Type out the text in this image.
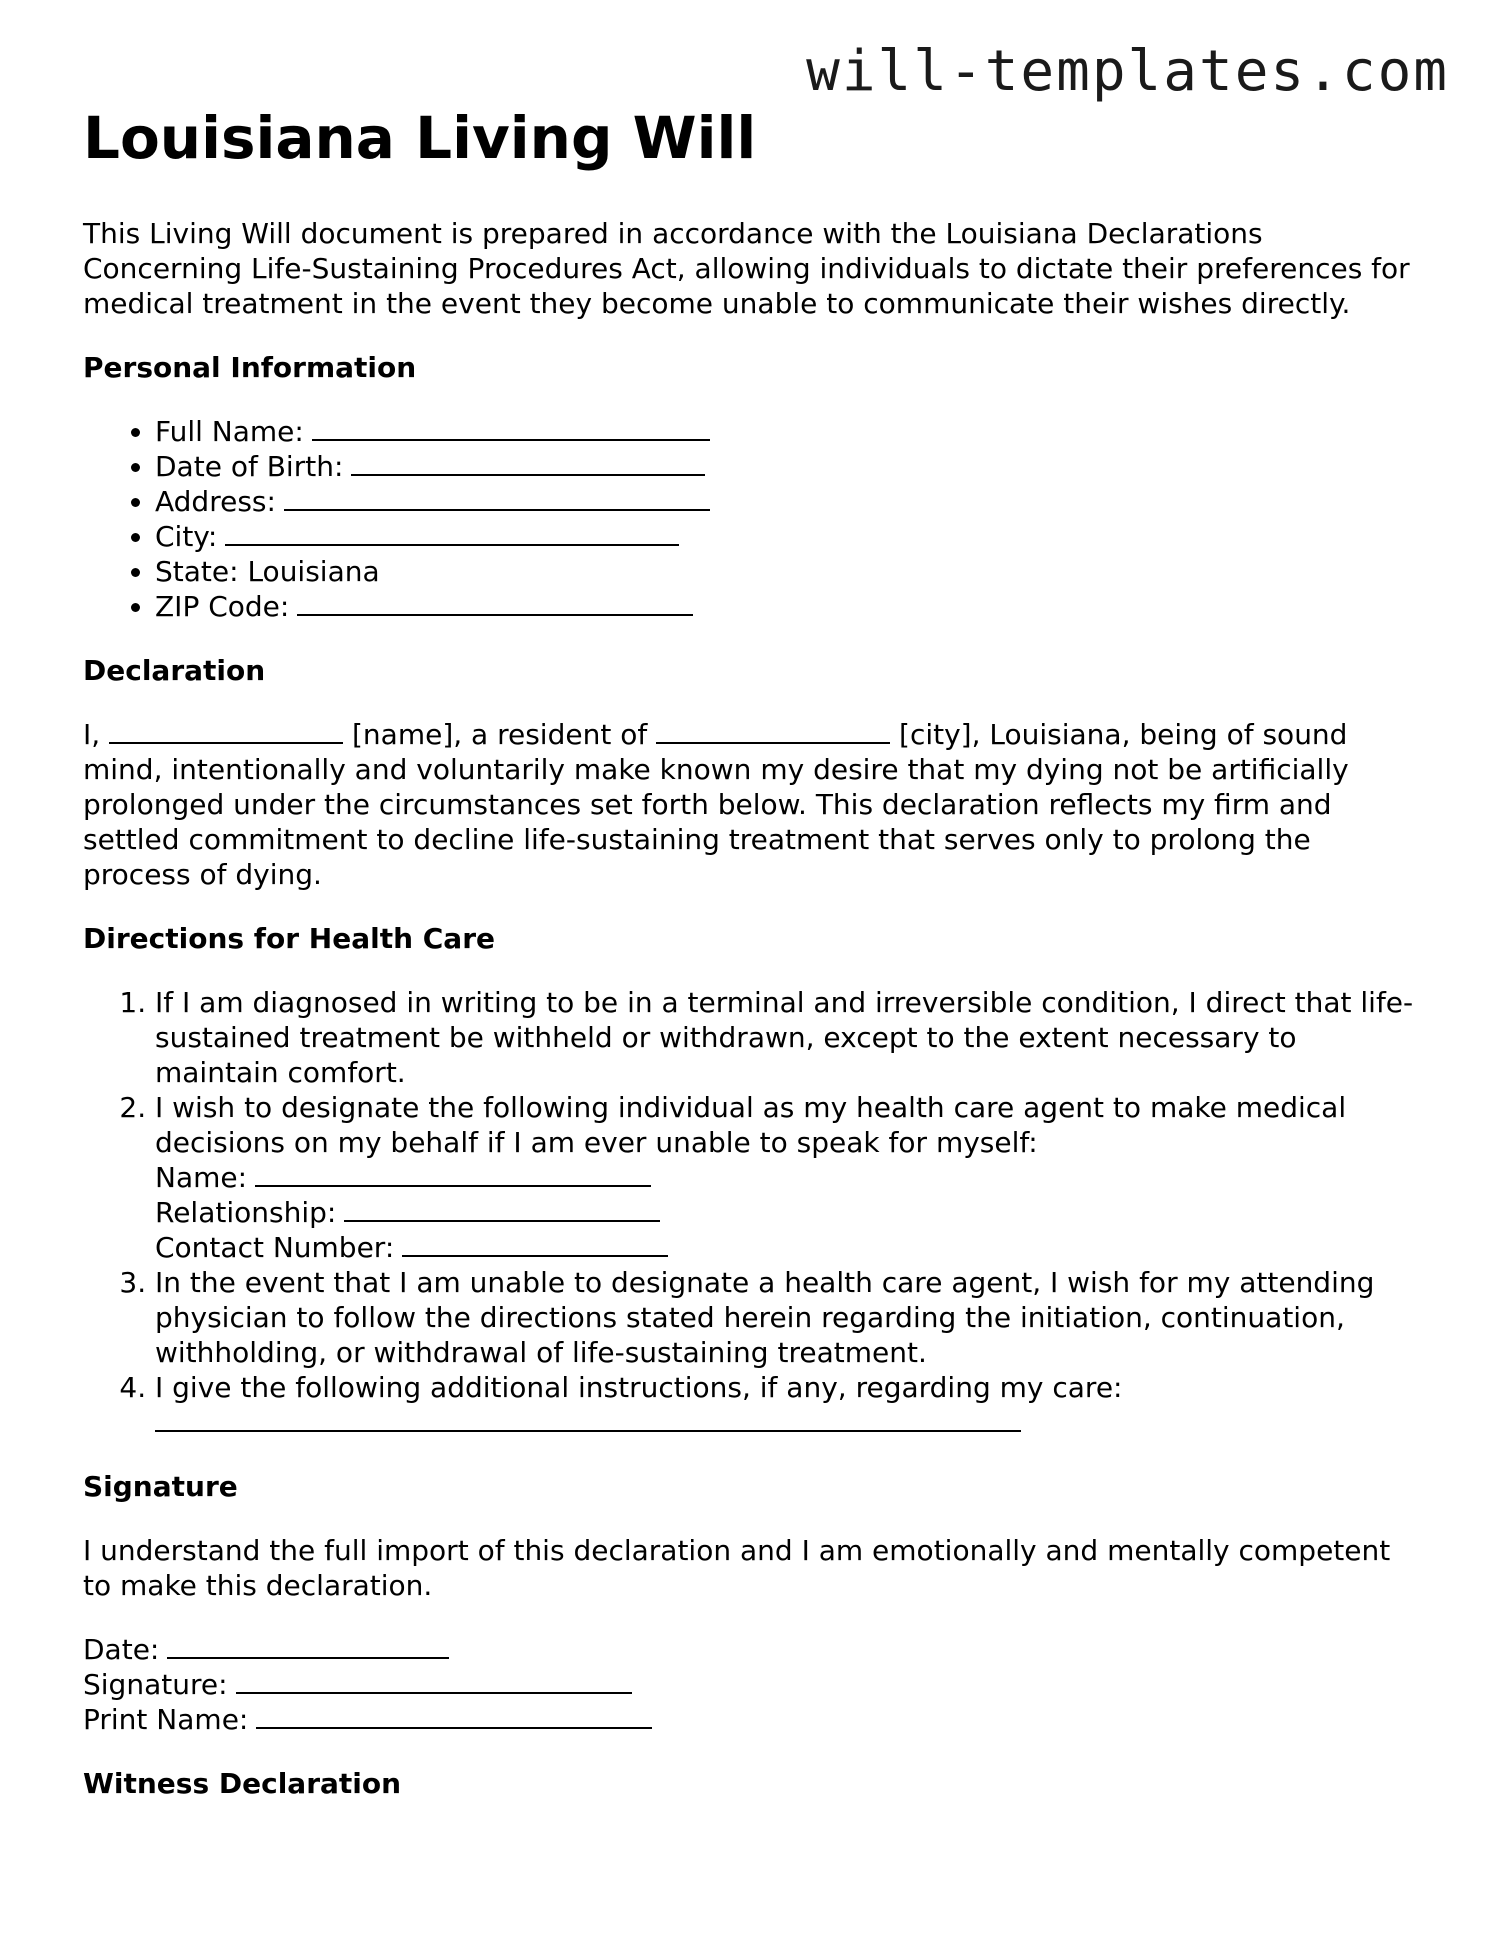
will-templates.com
Louisiana Living Will

This Living Will document is prepared in accordance with the Louisiana Declarations Concerning Life-Sustaining Procedures Act, allowing individuals to dictate their preferences for medical treatment in the event they become unable to communicate their wishes directly.

Personal Information
• Full Name:
• Date of Birth:
• Address:
• City:
• State: Louisiana
• ZIP Code:
Declaration

I,	[name], a resident of	[city], Louisiana, being of sound mind, intentionally and voluntarily make known my desire that my dying not be artificially prolonged under the circumstances set forth below. This declaration reflects my firm and settled commitment to decline life-sustaining treatment that serves only to prolong the process of dying.

Directions for Health Care
1. If I am diagnosed in writing to be in a terminal and irreversible condition, I direct that life-sustained treatment be withheld or withdrawn, except to the extent necessary to maintain comfort.
2. I wish to designate the following individual as my health care agent to make medical decisions on my behalf if I am ever unable to speak for myself:
Name:
Relationship:
Contact Number:
3. In the event that I am unable to designate a health care agent, I wish for my attending physician to follow the directions stated herein regarding the initiation, continuation, withholding, or withdrawal of life-sustaining treatment.
4. I give the following additional instructions, if any, regarding my care:
Signature

I understand the full import of this declaration and I am emotionally and mentally competent to make this declaration.

Date:
Signature:
Print Name:
Witness Declaration
